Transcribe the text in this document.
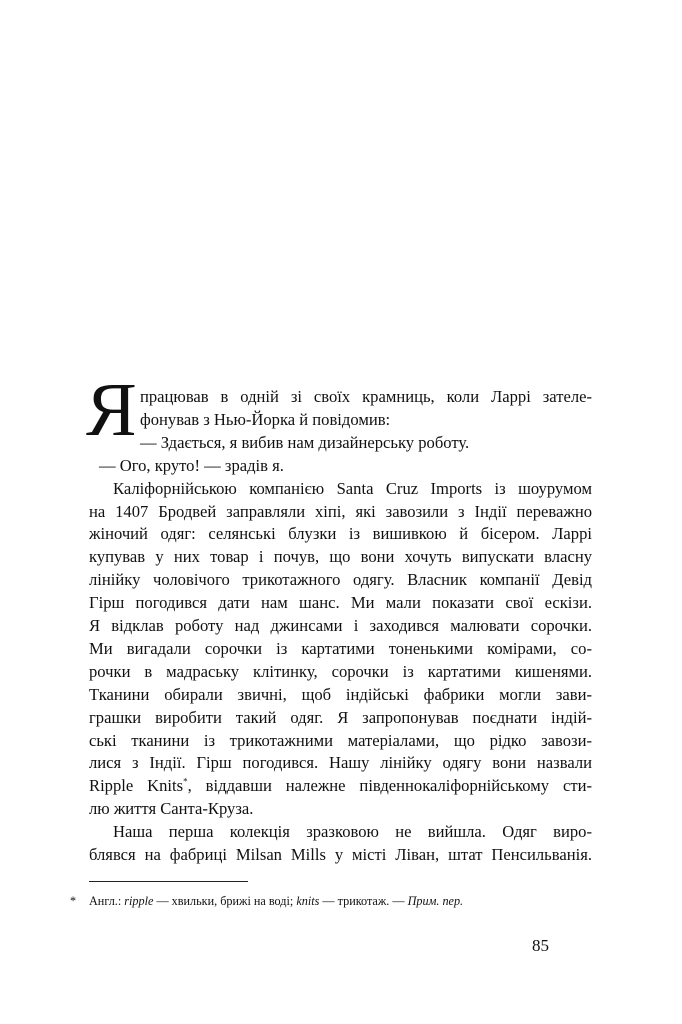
Я працював в одній зі своїх крамниць, коли Ларрі зателе-
фонував з Нью-Йорка й повідомив:
— Здається, я вибив нам дизайнерську роботу.
— Ого, круто! — зрадів я.
Каліфорнійською компанією Santa Cruz Imports із шоурумом
на 1407 Бродвей заправляли хіпі, які завозили з Індії переважно
жіночий одяг: селянські блузки із вишивкою й бісером. Ларрі
купував у них товар і почув, що вони хочуть випускати власну
лінійку чоловічого трикотажного одягу. Власник компанії Девід
Гірш погодився дати нам шанс. Ми мали показати свої ескізи.
Я відклав роботу над джинсами і заходився малювати сорочки.
Ми вигадали сорочки із картатими тоненькими комірами, со-
рочки в мадраську клітинку, сорочки із картатими кишенями.
Тканини обирали звичні, щоб індійські фабрики могли зави-
грашки виробити такий одяг. Я запропонував поєднати індій-
ські тканини із трикотажними матеріалами, що рідко завози-
лися з Індії. Гірш погодився. Нашу лінійку одягу вони назвали
Ripple Knits*, віддавши належне південнокаліфорнійському сти-
лю життя Санта-Круза.
Наша перша колекція зразковою не вийшла. Одяг виро-
блявся на фабриці Milsan Mills у місті Ліван, штат Пенсильванія.
* Англ.: ripple — хвильки, брижі на воді; knits — трикотаж. — Прим. пер.
85
